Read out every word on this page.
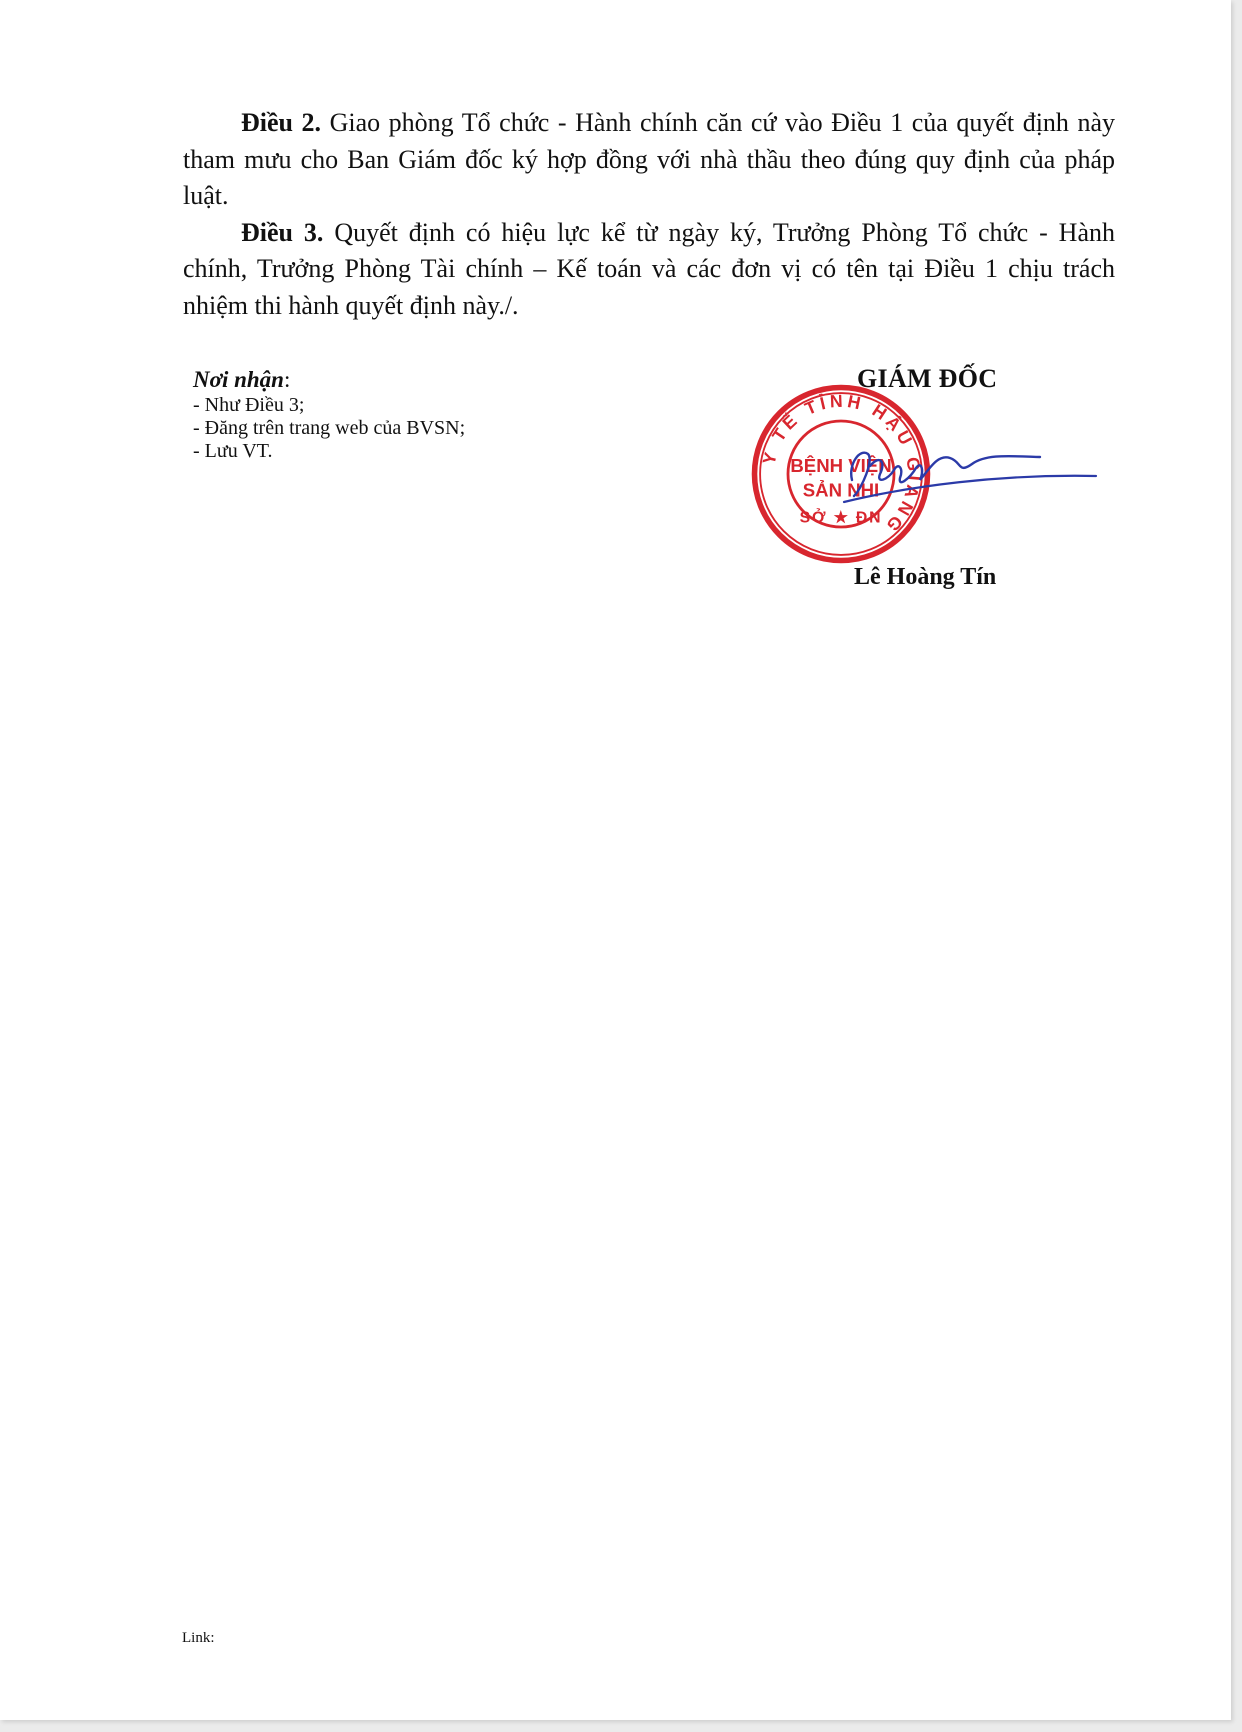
Điều 2. Giao phòng Tổ chức - Hành chính căn cứ vào Điều 1 của quyết định này tham mưu cho Ban Giám đốc ký hợp đồng với nhà thầu theo đúng quy định của pháp luật.

Điều 3. Quyết định có hiệu lực kể từ ngày ký, Trưởng Phòng Tổ chức - Hành chính, Trưởng Phòng Tài chính – Kế toán và các đơn vị có tên tại Điều 1 chịu trách nhiệm thi hành quyết định này./.

Nơi nhận:
- Như Điều 3;
- Đăng trên trang web của BVSN;
- Lưu VT.
GIÁM ĐỐC
Y TẾ TỈNH HẬU GIANG
SỞ ★ ĐN
BỆNH VIỆN
SẢN NHI
Lê Hoàng Tín
Link:
